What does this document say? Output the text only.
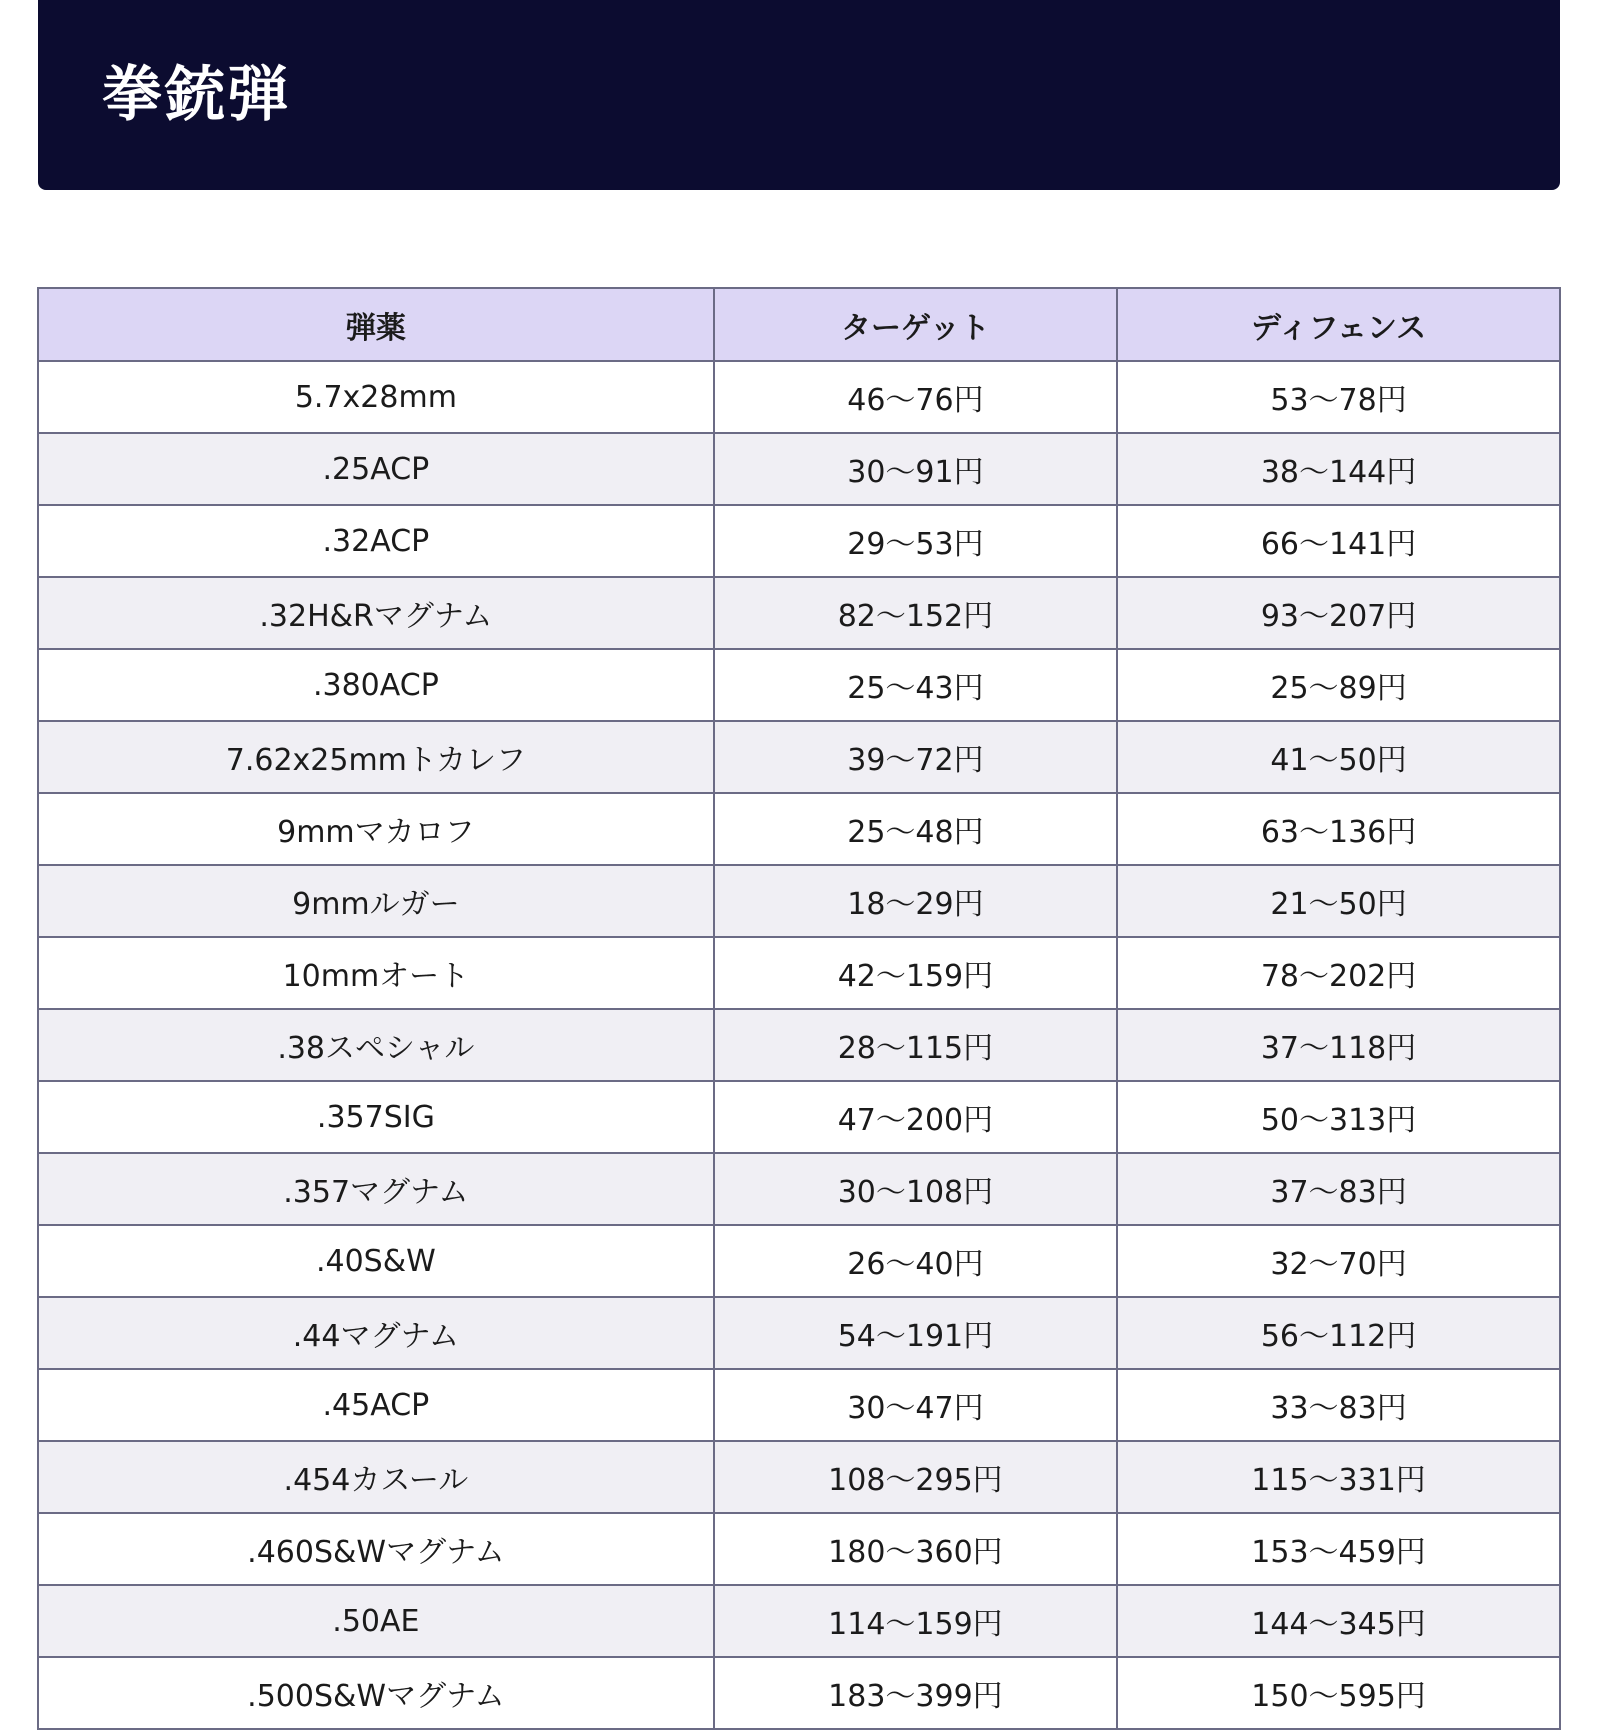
拳銃弾
弾薬	ターゲット	ディフェンス
5.7x28mm	46〜76円	53〜78円
.25ACP	30〜91円	38〜144円
.32ACP	29〜53円	66〜141円
.32H&Rマグナム	82〜152円	93〜207円
.380ACP	25〜43円	25〜89円
7.62x25mmトカレフ	39〜72円	41〜50円
9mmマカロフ	25〜48円	63〜136円
9mmルガー	18〜29円	21〜50円
10mmオート	42〜159円	78〜202円
.38スペシャル	28〜115円	37〜118円
.357SIG	47〜200円	50〜313円
.357マグナム	30〜108円	37〜83円
.40S&W	26〜40円	32〜70円
.44マグナム	54〜191円	56〜112円
.45ACP	30〜47円	33〜83円
.454カスール	108〜295円	115〜331円
.460S&Wマグナム	180〜360円	153〜459円
.50AE	114〜159円	144〜345円
.500S&Wマグナム	183〜399円	150〜595円
